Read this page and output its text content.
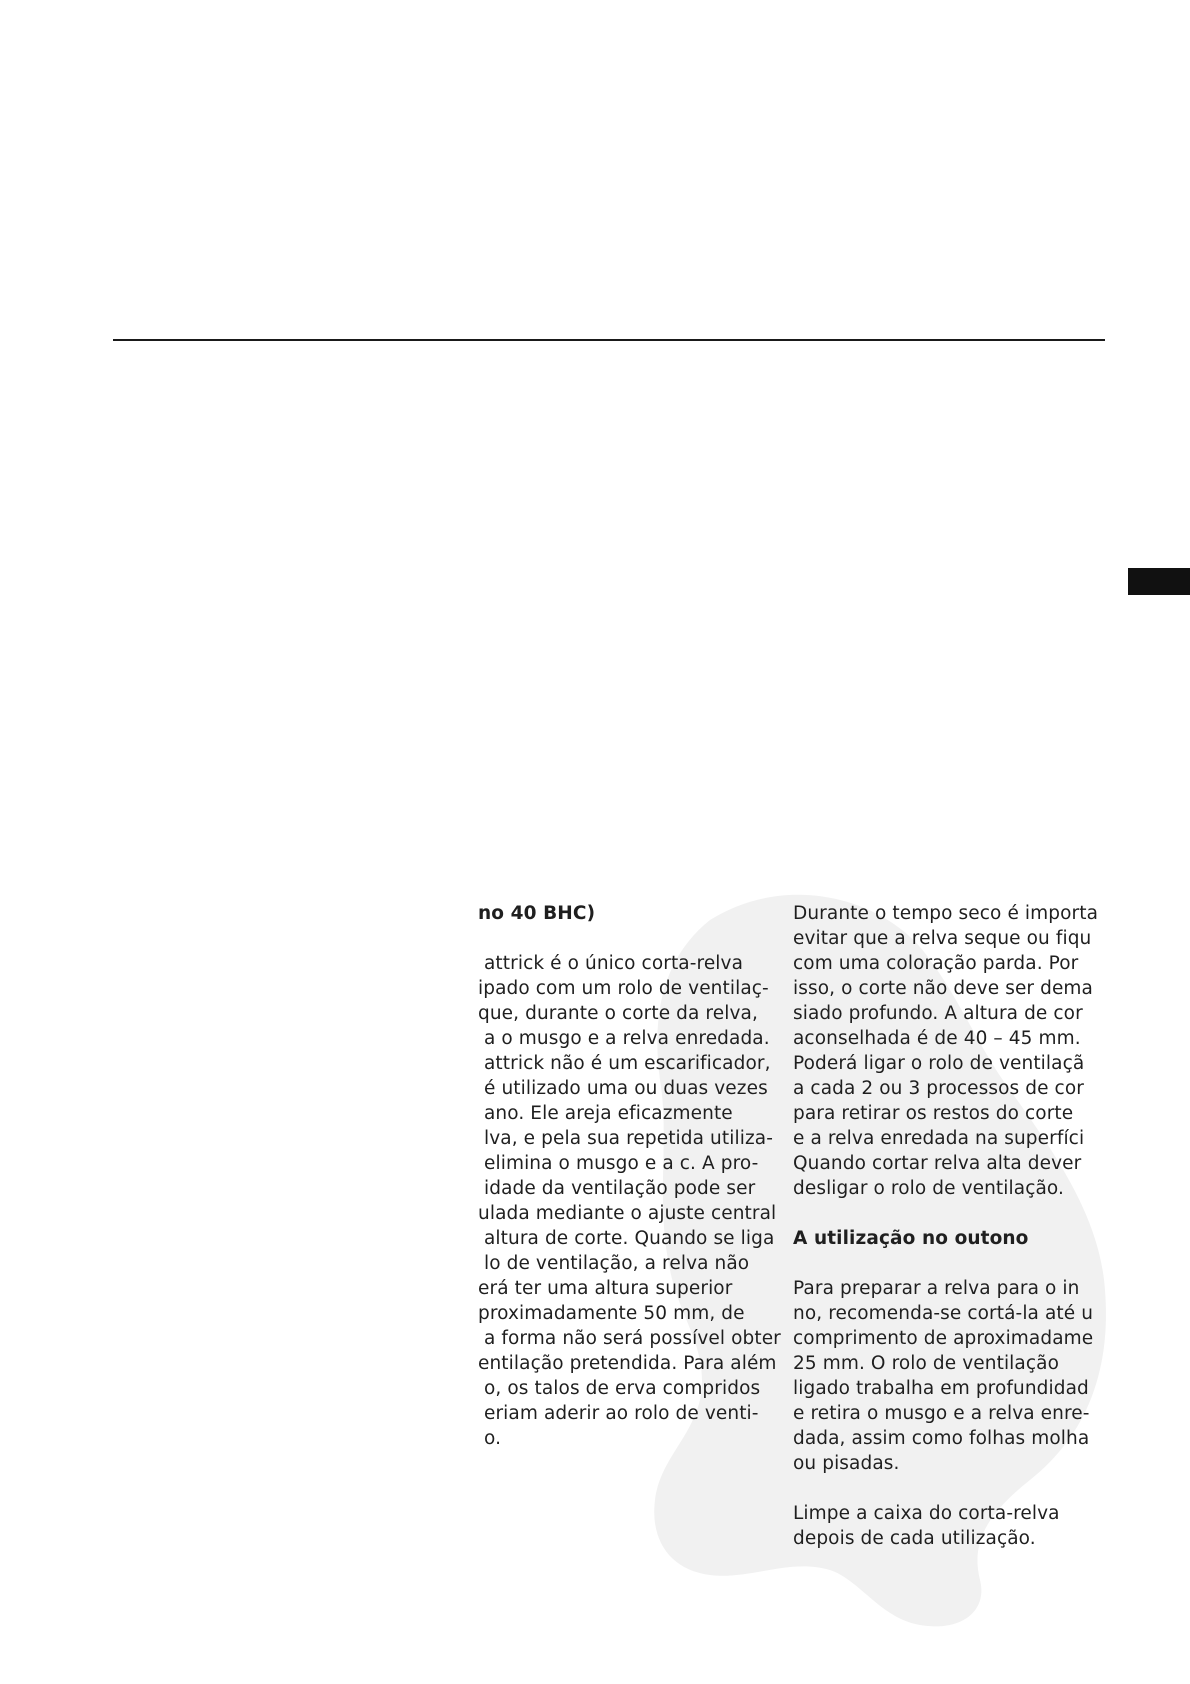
no 40 BHC)
attrick é o único corta-relva
ipado com um rolo de ventilaç-
que, durante o corte da relva,
a o musgo e a relva enredada.
attrick não é um escarificador,
é utilizado uma ou duas vezes
ano. Ele areja eficazmente
lva, e pela sua repetida utiliza-
elimina o musgo e a c. A pro-
idade da ventilação pode ser
ulada mediante o ajuste central
altura de corte. Quando se liga
lo de ventilação, a relva não
erá ter uma altura superior
proximadamente 50 mm, de
a forma não será possível obter
entilação pretendida. Para além
o, os talos de erva compridos
eriam aderir ao rolo de venti-
o.
Durante o tempo seco é importa
evitar que a relva seque ou fiqu
com uma coloração parda. Por
isso, o corte não deve ser dema
siado profundo. A altura de cor
aconselhada é de 40 – 45 mm.
Poderá ligar o rolo de ventilaçã
a cada 2 ou 3 processos de cor
para retirar os restos do corte
e a relva enredada na superfíci
Quando cortar relva alta dever
desligar o rolo de ventilação.
A utilização no outono
Para preparar a relva para o in
no, recomenda-se cortá-la até u
comprimento de aproximadame
25 mm. O rolo de ventilação
ligado trabalha em profundidad
e retira o musgo e a relva enre-
dada, assim como folhas molha
ou pisadas.
Limpe a caixa do corta-relva
depois de cada utilização.
